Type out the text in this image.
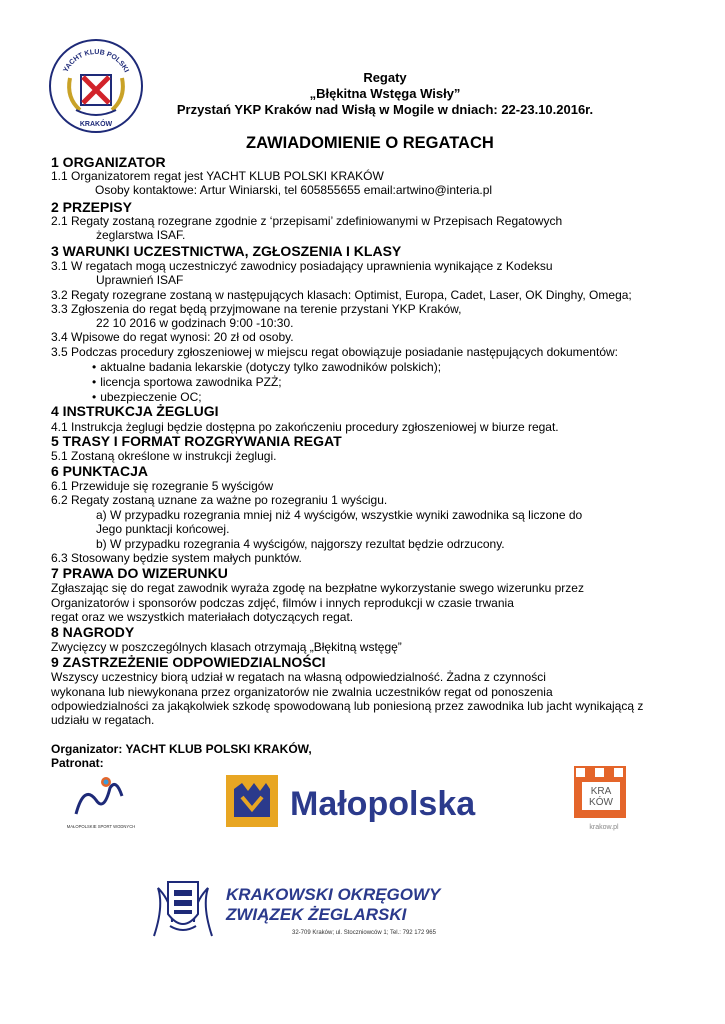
YACHT KLUB POLSKI
KRAKÓW
Regaty
„Błękitna Wstęga Wisły”
Przystań YKP Kraków nad Wisłą w Mogile w dniach: 22-23.10.2016r.
ZAWIADOMIENIE O REGATACH
1 ORGANIZATOR
1.1 Organizatorem regat jest YACHT KLUB POLSKI KRAKÓW
Osoby kontaktowe: Artur Winiarski, tel 605855655 email:artwino@interia.pl
2 PRZEPISY
2.1 Regaty zostaną rozegrane zgodnie z ‘przepisami’ zdefiniowanymi w Przepisach Regatowych
żeglarstwa ISAF.
3 WARUNKI UCZESTNICTWA, ZGŁOSZENIA I KLASY
3.1 W regatach mogą uczestniczyć zawodnicy posiadający uprawnienia wynikające z Kodeksu
Uprawnień ISAF
3.2 Regaty rozegrane zostaną w następujących klasach: Optimist, Europa, Cadet, Laser, OK Dinghy, Omega;
3.3 Zgłoszenia do regat będą przyjmowane na terenie przystani YKP Kraków,
22 10 2016 w godzinach 9:00 -10:30.
3.4 Wpisowe do regat wynosi: 20 zł od osoby.
3.5 Podczas procedury zgłoszeniowej w miejscu regat obowiązuje posiadanie następujących dokumentów:
• aktualne badania lekarskie (dotyczy tylko zawodników polskich);
• licencja sportowa zawodnika PZŻ;
• ubezpieczenie OC;
4 INSTRUKCJA ŻEGLUGI
4.1 Instrukcja żeglugi będzie dostępna po zakończeniu procedury zgłoszeniowej w biurze regat.
5 TRASY I FORMAT ROZGRYWANIA REGAT
5.1 Zostaną określone w instrukcji żeglugi.
6 PUNKTACJA
6.1 Przewiduje się rozegranie 5 wyścigów
6.2 Regaty zostaną uznane za ważne po rozegraniu 1 wyścigu.
a) W przypadku rozegrania mniej niż 4 wyścigów, wszystkie wyniki zawodnika są liczone do
Jego punktacji końcowej.
b) W przypadku rozegrania 4 wyścigów, najgorszy rezultat będzie odrzucony.
6.3 Stosowany będzie system małych punktów.
7 PRAWA DO WIZERUNKU
Zgłaszając się do regat zawodnik wyraża zgodę na bezpłatne wykorzystanie swego wizerunku przez
Organizatorów i sponsorów podczas zdjęć, filmów i innych reprodukcji w czasie trwania
regat oraz we wszystkich materiałach dotyczących regat.
8 NAGRODY
Zwycięzcy w poszczególnych klasach otrzymają „Błękitną wstęgę”
9 ZASTRZEŻENIE ODPOWIEDZIALNOŚCI
Wszyscy uczestnicy biorą udział w regatach na własną odpowiedzialność. Żadna z czynności
wykonana lub niewykonana przez organizatorów nie zwalnia uczestników regat od ponoszenia
odpowiedzialności za jakąkolwiek szkodę spowodowaną lub poniesioną przez zawodnika lub jacht wynikającą z
udziału w regatach.
Organizator: YACHT KLUB POLSKI KRAKÓW,
Patronat:
MAŁOPOLSKIE SPORT WODNYCH
Małopolska	KRA
KÓW
krakow.pl
KRAKOWSKI OKRĘGOWY
ZWIĄZEK ŻEGLARSKI
32-709 Kraków; ul. Stoczniowców 1; Tel.: 792 172 965
